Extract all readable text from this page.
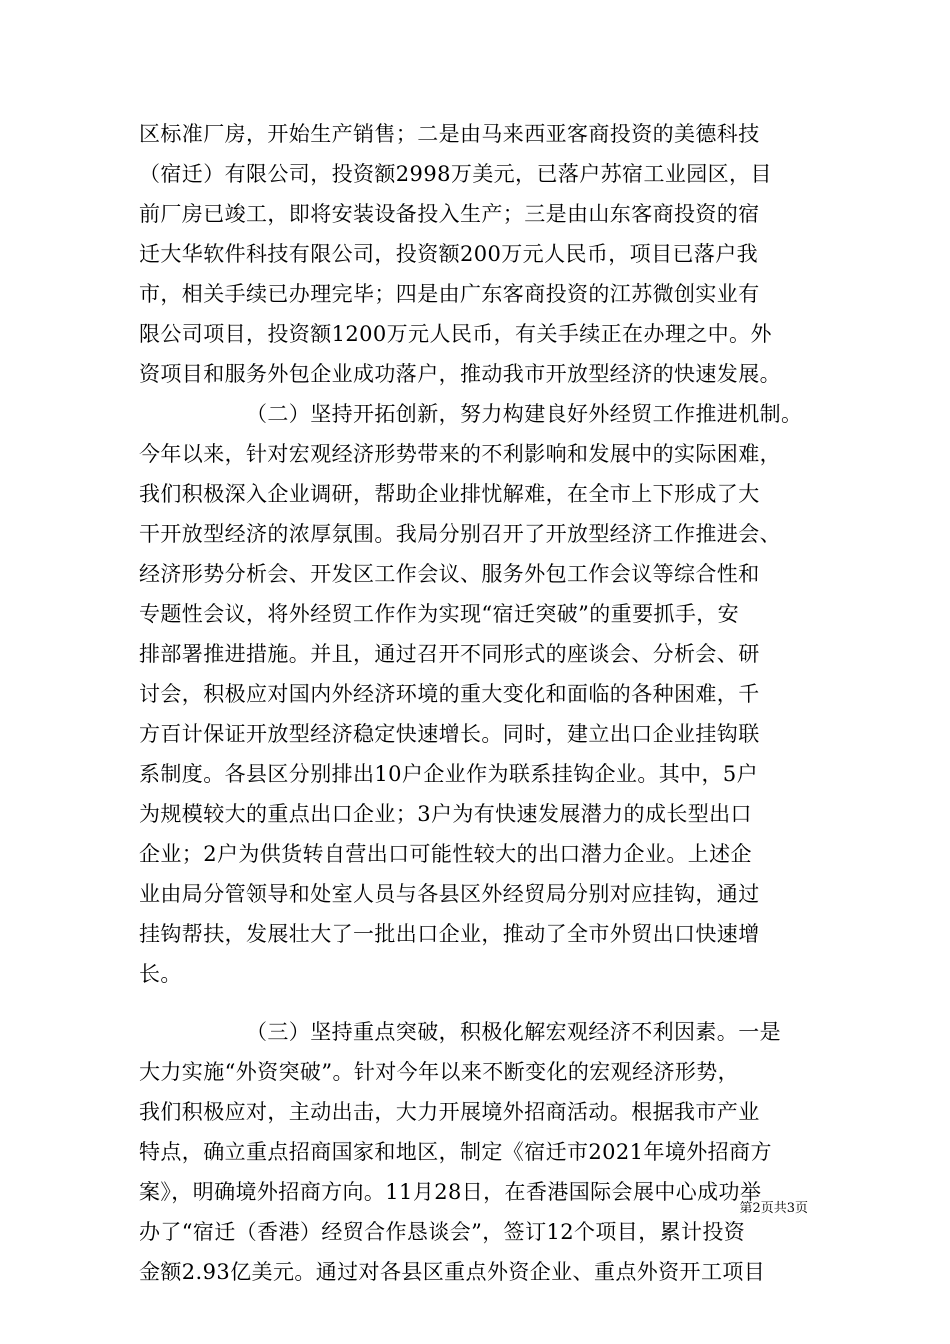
区标准厂房，开始生产销售；二是由马来西亚客商投资的美德科技
（宿迁）有限公司，投资额2998万美元，已落户苏宿工业园区，目
前厂房已竣工，即将安装设备投入生产；三是由山东客商投资的宿
迁大华软件科技有限公司，投资额200万元人民币，项目已落户我
市，相关手续已办理完毕；四是由广东客商投资的江苏微创实业有
限公司项目，投资额1200万元人民币，有关手续正在办理之中。外
资项目和服务外包企业成功落户，推动我市开放型经济的快速发展。
（二）坚持开拓创新，努力构建良好外经贸工作推进机制。
今年以来，针对宏观经济形势带来的不利影响和发展中的实际困难，
我们积极深入企业调研，帮助企业排忧解难，在全市上下形成了大
干开放型经济的浓厚氛围。我局分别召开了开放型经济工作推进会、
经济形势分析会、开发区工作会议、服务外包工作会议等综合性和
专题性会议，将外经贸工作作为实现“宿迁突破”的重要抓手，安
排部署推进措施。并且，通过召开不同形式的座谈会、分析会、研
讨会，积极应对国内外经济环境的重大变化和面临的各种困难，千
方百计保证开放型经济稳定快速增长。同时，建立出口企业挂钩联
系制度。各县区分别排出10户企业作为联系挂钩企业。其中，5户
为规模较大的重点出口企业；3户为有快速发展潜力的成长型出口
企业；2户为供货转自营出口可能性较大的出口潜力企业。上述企
业由局分管领导和处室人员与各县区外经贸局分别对应挂钩，通过
挂钩帮扶，发展壮大了一批出口企业，推动了全市外贸出口快速增
长。
（三）坚持重点突破，积极化解宏观经济不利因素。一是
大力实施“外资突破”。针对今年以来不断变化的宏观经济形势，
我们积极应对，主动出击，大力开展境外招商活动。根据我市产业
特点，确立重点招商国家和地区，制定《宿迁市2021年境外招商方
案》，明确境外招商方向。11月28日，在香港国际会展中心成功举
办了“宿迁（香港）经贸合作恳谈会”，签订12个项目，累计投资
金额2.93亿美元。通过对各县区重点外资企业、重点外资开工项目
第2页共3页
